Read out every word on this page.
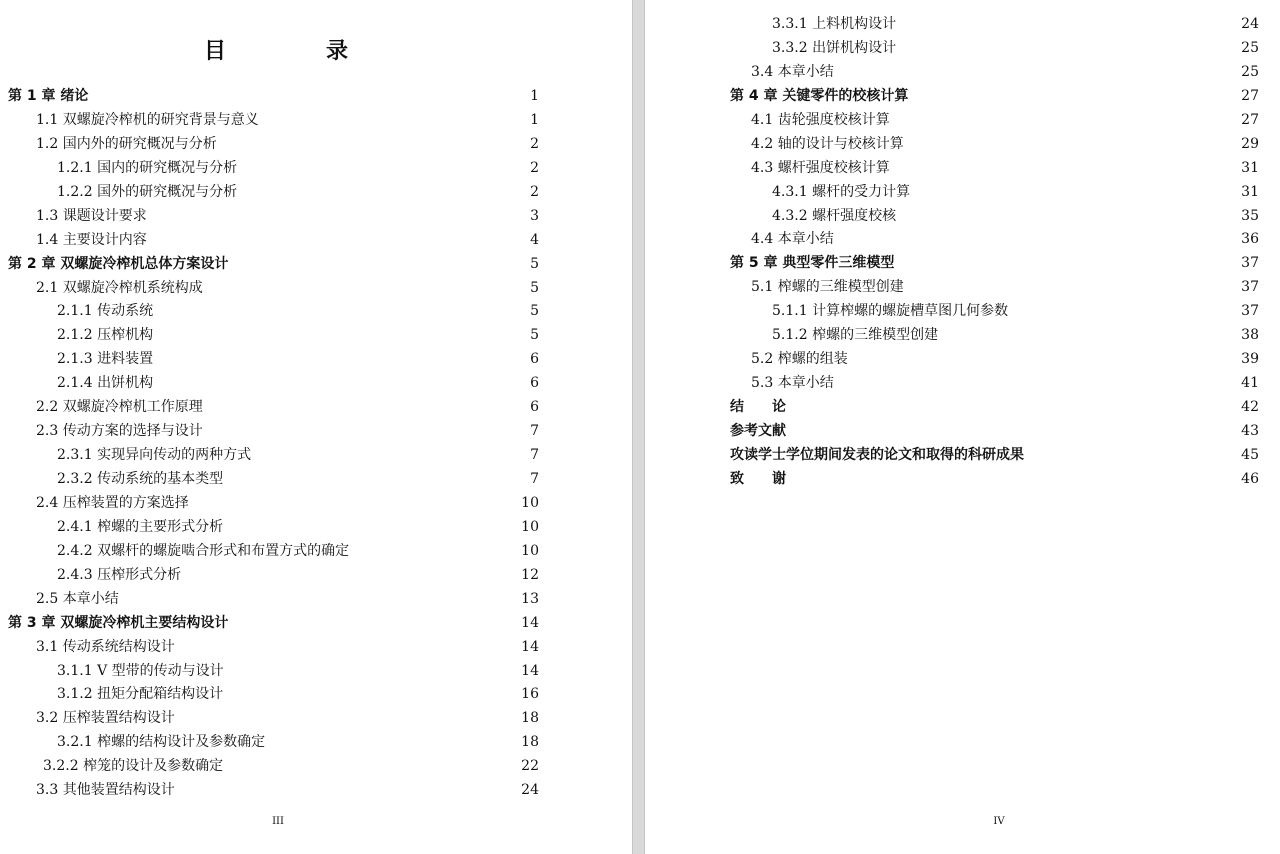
目录
第 1 章 绪论	1
1.1 双螺旋冷榨机的研究背景与意义	1
1.2 国内外的研究概况与分析	2
1.2.1 国内的研究概况与分析	2
1.2.2 国外的研究概况与分析	2
1.3 课题设计要求	3
1.4 主要设计内容	4
第 2 章 双螺旋冷榨机总体方案设计	5
2.1 双螺旋冷榨机系统构成	5
2.1.1 传动系统	5
2.1.2 压榨机构	5
2.1.3 进料装置	6
2.1.4 出饼机构	6
2.2 双螺旋冷榨机工作原理	6
2.3 传动方案的选择与设计	7
2.3.1 实现异向传动的两种方式	7
2.3.2 传动系统的基本类型	7
2.4 压榨装置的方案选择	10
2.4.1 榨螺的主要形式分析	10
2.4.2 双螺杆的螺旋啮合形式和布置方式的确定	10
2.4.3 压榨形式分析	12
2.5 本章小结	13
第 3 章 双螺旋冷榨机主要结构设计	14
3.1 传动系统结构设计	14
3.1.1 V 型带的传动与设计	14
3.1.2 扭矩分配箱结构设计	16
3.2 压榨装置结构设计	18
3.2.1 榨螺的结构设计及参数确定	18
3.2.2 榨笼的设计及参数确定	22
3.3 其他装置结构设计	24
III
3.3.1 上料机构设计	24
3.3.2 出饼机构设计	25
3.4 本章小结	25
第 4 章 关键零件的校核计算	27
4.1 齿轮强度校核计算	27
4.2 轴的设计与校核计算	29
4.3 螺杆强度校核计算	31
4.3.1 螺杆的受力计算	31
4.3.2 螺杆强度校核	35
4.4 本章小结	36
第 5 章 典型零件三维模型	37
5.1 榨螺的三维模型创建	37
5.1.1 计算榨螺的螺旋槽草图几何参数	37
5.1.2 榨螺的三维模型创建	38
5.2 榨螺的组装	39
5.3 本章小结	41
结　　论	42
参考文献	43
攻读学士学位期间发表的论文和取得的科研成果	45
致　　谢	46
IV
